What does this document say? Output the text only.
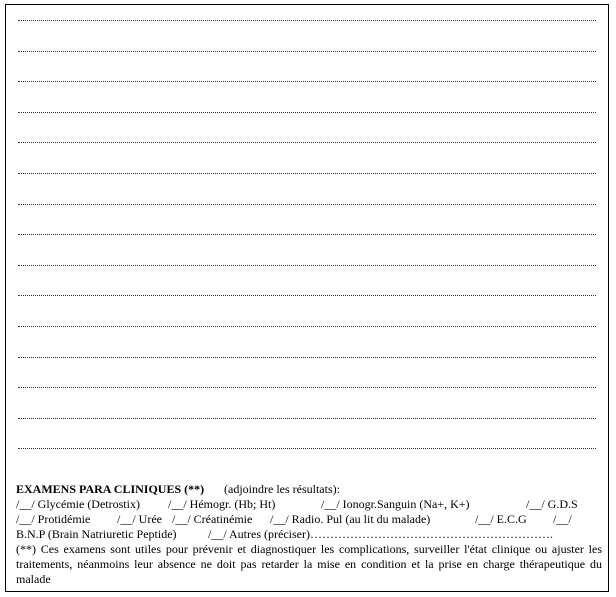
EXAMENS PARA CLINIQUES (**) (adjoindre les résultats):
/__/ Glycémie (Detrostix) /__/ Hémogr. (Hb; Ht)	/__/ Ionogr.Sanguin (Na+, K+)	/__/ G.D.S
/__/ Protidémie /__/ Urée /__/ Créatinémie /__/ Radio. Pul (au lit du malade)	/__/ E.C.G /__/
B.N.P (Brain Natriuretic Peptide)	/__/ Autres (préciser)…………………………………………………….
(**) Ces examens sont utiles pour prévenir et diagnostiquer les complications, surveiller l'état clinique ou ajuster les traitements, néanmoins leur absence ne doit pas retarder la mise en condition et la prise en charge thérapeutique du malade
